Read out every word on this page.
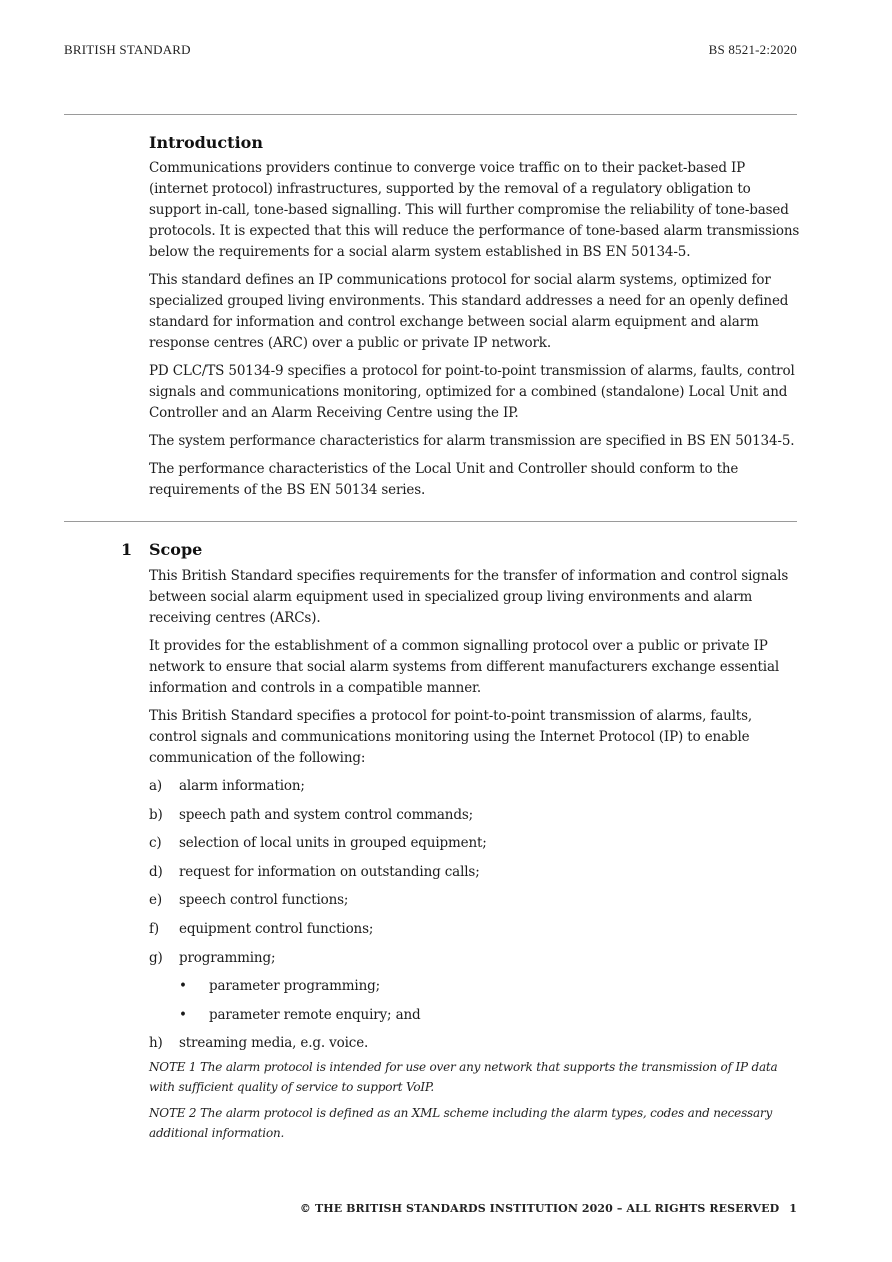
BRITISH STANDARD	BS 8521-2:2020
Introduction

Communications providers continue to converge voice traffic on to their packet-based IP (internet protocol) infrastructures, supported by the removal of a regulatory obligation to support in-call, tone-based signalling. This will further compromise the reliability of tone-based protocols. It is expected that this will reduce the performance of tone-based alarm transmissions below the requirements for a social alarm system established in BS EN 50134-5.

This standard defines an IP communications protocol for social alarm systems, optimized for specialized grouped living environments. This standard addresses a need for an openly defined standard for information and control exchange between social alarm equipment and alarm response centres (ARC) over a public or private IP network.

PD CLC/TS 50134-9 specifies a protocol for point-to-point transmission of alarms, faults, control signals and communications monitoring, optimized for a combined (standalone) Local Unit and Controller and an Alarm Receiving Centre using the IP.

The system performance characteristics for alarm transmission are specified in BS EN 50134-5.

The performance characteristics of the Local Unit and Controller should conform to the requirements of the BS EN 50134 series.

1 Scope

This British Standard specifies requirements for the transfer of information and control signals between social alarm equipment used in specialized group living environments and alarm receiving centres (ARCs).

It provides for the establishment of a common signalling protocol over a public or private IP network to ensure that social alarm systems from different manufacturers exchange essential information and controls in a compatible manner.

This British Standard specifies a protocol for point-to-point transmission of alarms, faults, control signals and communications monitoring using the Internet Protocol (IP) to enable communication of the following:

a) alarm information;
b) speech path and system control commands;
c) selection of local units in grouped equipment;
d) request for information on outstanding calls;
e) speech control functions;
f) equipment control functions;
g) programming;
• parameter programming;
• parameter remote enquiry; and
h) streaming media, e.g. voice.
NOTE 1 The alarm protocol is intended for use over any network that supports the transmission of IP data with sufficient quality of service to support VoIP.
NOTE 2 The alarm protocol is defined as an XML scheme including the alarm types, codes and necessary additional information.
© THE BRITISH STANDARDS INSTITUTION 2020 – ALL RIGHTS RESERVED 1
